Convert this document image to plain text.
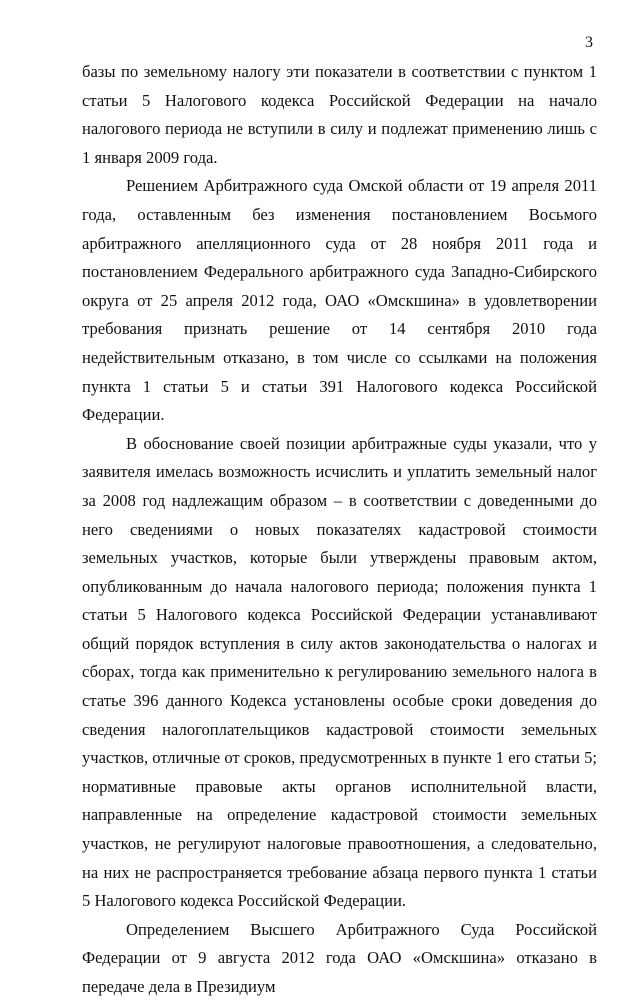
3

базы по земельному налогу эти показатели в соответствии с пунктом 1 статьи 5 Налогового кодекса Российской Федерации на начало налогового периода не вступили в силу и подлежат применению лишь с 1 января 2009 года.

Решением Арбитражного суда Омской области от 19 апреля 2011 года, оставленным без изменения постановлением Восьмого арбитражного апелляционного суда от 28 ноября 2011 года и постановлением Федерального арбитражного суда Западно-Сибирского округа от 25 апреля 2012 года, ОАО «Омскшина» в удовлетворении требования признать решение от 14 сентября 2010 года недействительным отказано, в том числе со ссылками на положения пункта 1 статьи 5 и статьи 391 Налогового кодекса Российской Федерации.

В обоснование своей позиции арбитражные суды указали, что у заявителя имелась возможность исчислить и уплатить земельный налог за 2008 год надлежащим образом – в соответствии с доведенными до него сведениями о новых показателях кадастровой стоимости земельных участков, которые были утверждены правовым актом, опубликованным до начала налогового периода; положения пункта 1 статьи 5 Налогового кодекса Российской Федерации устанавливают общий порядок вступления в силу актов законодательства о налогах и сборах, тогда как применительно к регулированию земельного налога в статье 396 данного Кодекса установлены особые сроки доведения до сведения налогоплательщиков кадастровой стоимости земельных участков, отличные от сроков, предусмотренных в пункте 1 его статьи 5; нормативные правовые акты органов исполнительной власти, направленные на определение кадастровой стоимости земельных участков, не регулируют налоговые правоотношения, а следовательно, на них не распространяется требование абзаца первого пункта 1 статьи 5 Налогового кодекса Российской Федерации.

Определением Высшего Арбитражного Суда Российской Федерации от 9 августа 2012 года ОАО «Омскшина» отказано в передаче дела в Президиум
